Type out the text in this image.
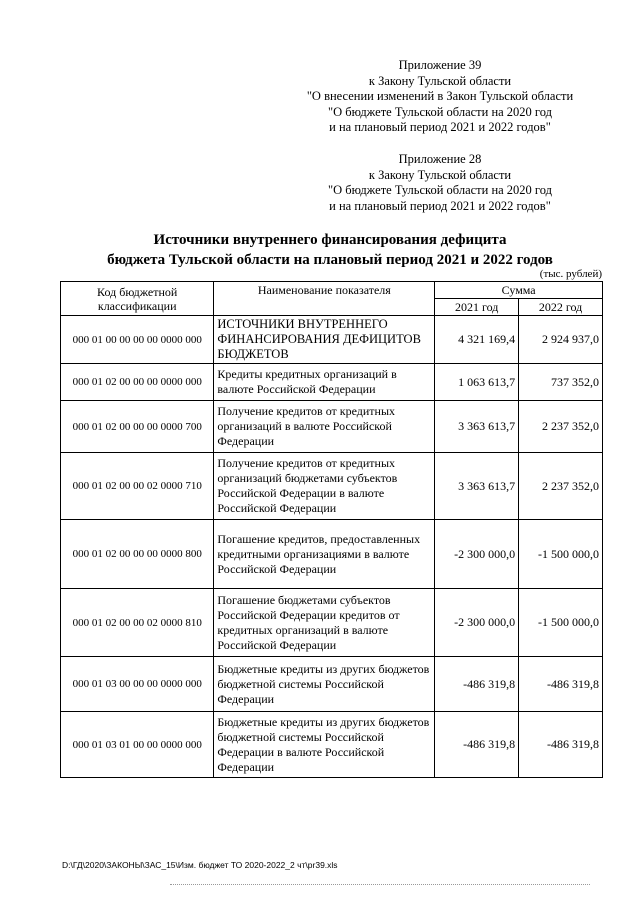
Приложение 39
к Закону Тульской области
"О внесении изменений в Закон Тульской области
"О бюджете Тульской области на 2020 год
и на плановый период 2021 и 2022 годов"
Приложение 28
к Закону Тульской области
"О бюджете Тульской области на 2020 год
и на плановый период 2021 и 2022 годов"
Источники внутреннего финансирования дефицита
бюджета Тульской области на плановый период 2021 и 2022 годов
(тыс. рублей)
Код бюджетной классификации	Наименование показателя	Сумма	
		2021 год	2022 год
000 01 00 00 00 00 0000 000	ИСТОЧНИКИ ВНУТРЕННЕГО ФИНАНСИРОВАНИЯ ДЕФИЦИТОВ БЮДЖЕТОВ	4 321 169,4	2 924 937,0
000 01 02 00 00 00 0000 000	Кредиты кредитных организаций в валюте Российской Федерации	1 063 613,7	737 352,0
000 01 02 00 00 00 0000 700	Получение кредитов от кредитных организаций в валюте Российской Федерации	3 363 613,7	2 237 352,0
000 01 02 00 00 02 0000 710	Получение кредитов от кредитных организаций бюджетами субъектов Российской Федерации в валюте Российской Федерации	3 363 613,7	2 237 352,0
000 01 02 00 00 00 0000 800	Погашение кредитов, предоставленных кредитными организациями в валюте Российской Федерации	-2 300 000,0	-1 500 000,0
000 01 02 00 00 02 0000 810	Погашение бюджетами субъектов Российской Федерации кредитов от кредитных организаций в валюте Российской Федерации	-2 300 000,0	-1 500 000,0
000 01 03 00 00 00 0000 000	Бюджетные кредиты из других бюджетов бюджетной системы Российской Федерации	-486 319,8	-486 319,8
000 01 03 01 00 00 0000 000	Бюджетные кредиты из других бюджетов бюджетной системы Российской Федерации в валюте Российской Федерации	-486 319,8	-486 319,8
D:\ГД\2020\ЗАКОНЫ\ЗАС_15\Изм. бюджет ТО 2020-2022_2 чт\pr39.xls
